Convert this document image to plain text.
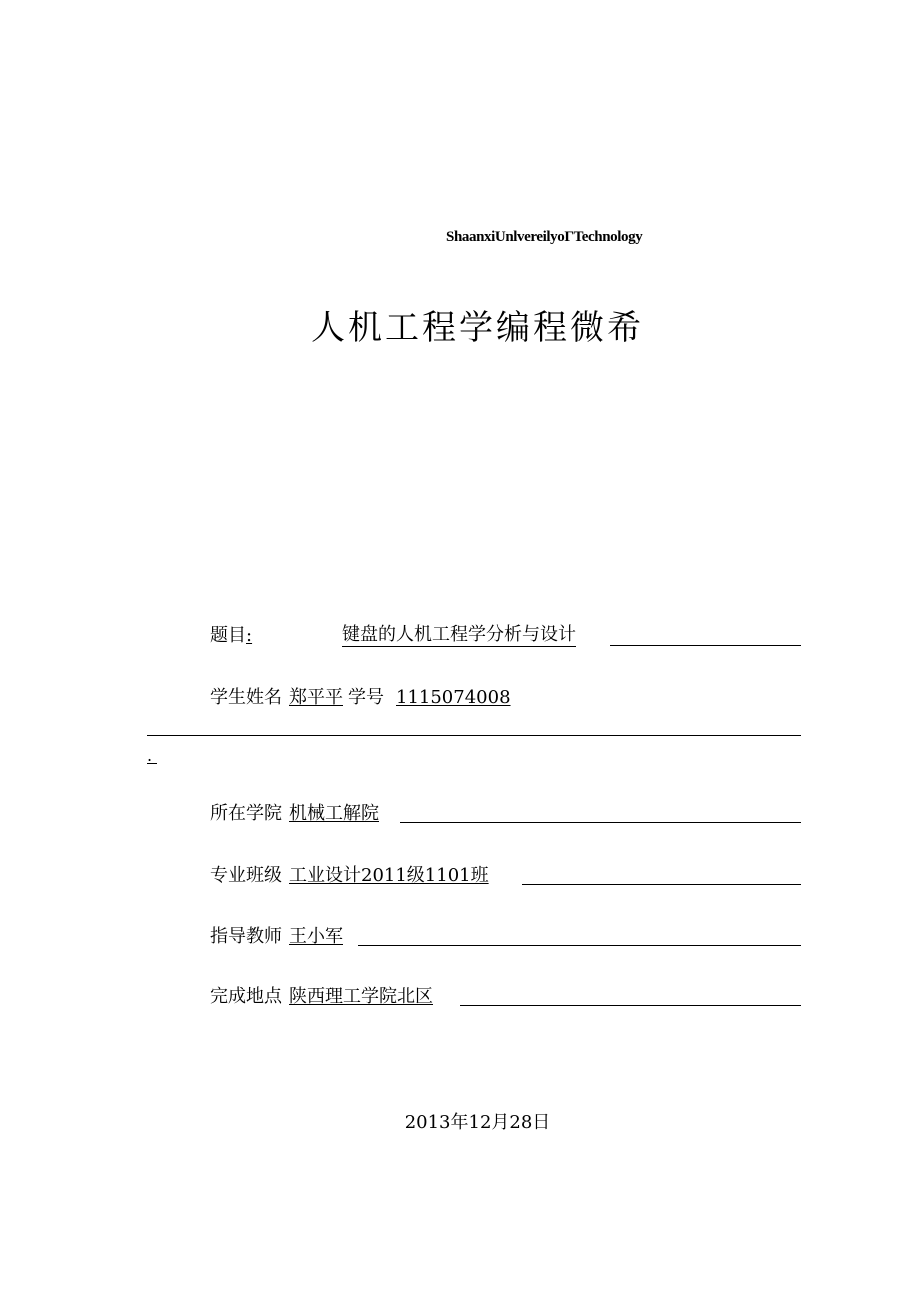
ShaanxiUnlvereilyoΓTechnology
人机工程学编程微希
题目 :	键盘的人机工程学分析与设计
学生姓名 郑平平 学号 1115074008
.
所在学院 机械工解院
专业班级 工业设计2011级1101班
指导教师 王小军
完成地点 陕西理工学院北区
2013年12月28日
